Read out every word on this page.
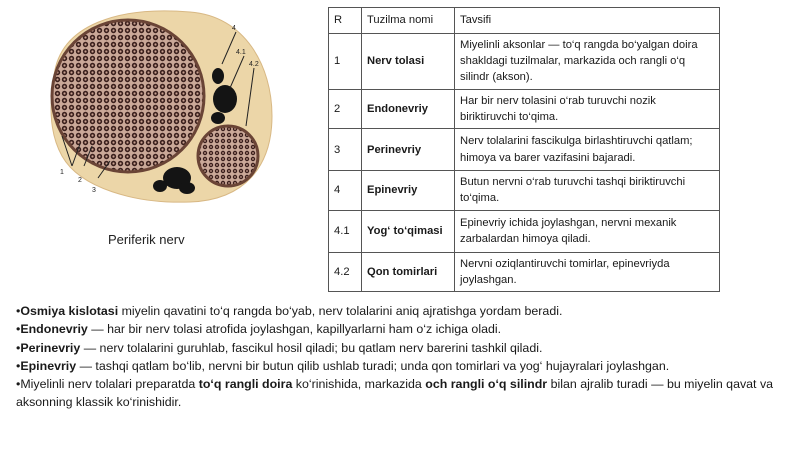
4
4.1
4.2
1
2
3
Periferik nerv
R	Tuzilma nomi	Tavsifi
1	Nerv tolasi	Miyelinli aksonlar — to‘q rangda bo‘yalgan doira shakldagi tuzilmalar, markazida och rangli o‘q silindr (akson).
2	Endonevriy	Har bir nerv tolasini o‘rab turuvchi nozik biriktiruvchi to‘qima.
3	Perinevriy	Nerv tolalarini fascikulga birlashtiruvchi qatlam; himoya va barer vazifasini bajaradi.
4	Epinevriy	Butun nervni o‘rab turuvchi tashqi biriktiruvchi to‘qima.
4.1	Yog‘ to‘qimasi	Epinevriy ichida joylashgan, nervni mexanik zarbalardan himoya qiladi.
4.2	Qon tomirlari	Nervni oziqlantiruvchi tomirlar, epinevriyda joylashgan.

•Osmiya kislotasi miyelin qavatini to‘q rangda bo‘yab, nerv tolalarini aniq ajratishga yordam beradi.

•Endonevriy — har bir nerv tolasi atrofida joylashgan, kapillyarlarni ham o‘z ichiga oladi.

•Perinevriy — nerv tolalarini guruhlab, fascikul hosil qiladi; bu qatlam nerv barerini tashkil qiladi.

•Epinevriy — tashqi qatlam bo‘lib, nervni bir butun qilib ushlab turadi; unda qon tomirlari va yog‘ hujayralari joylashgan.

•Miyelinli nerv tolalari preparatda to‘q rangli doira ko‘rinishida, markazida och rangli o‘q silindr bilan ajralib turadi — bu miyelin qavat va aksonning klassik ko‘rinishidir.
